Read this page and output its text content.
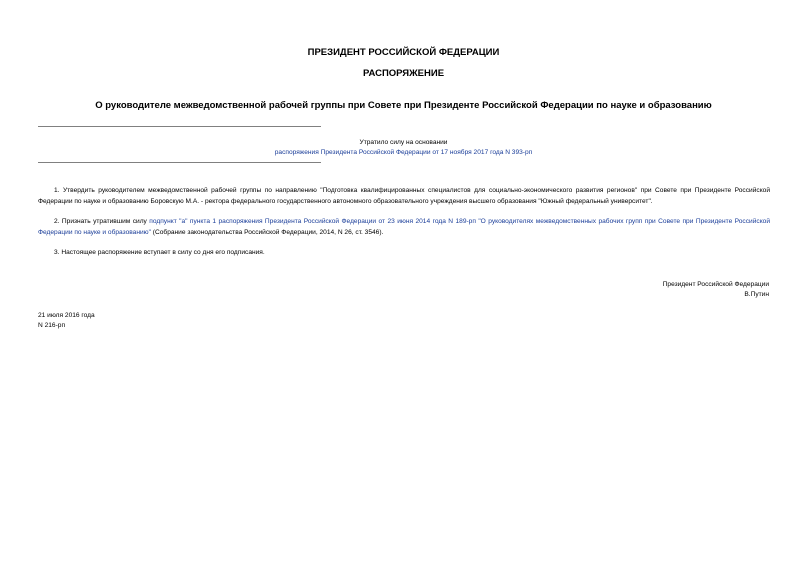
ПРЕЗИДЕНТ РОССИЙСКОЙ ФЕДЕРАЦИИ
РАСПОРЯЖЕНИЕ
О руководителе межведомственной рабочей группы при Совете при Президенте Российской Федерации по науке и образованию
Утратило силу на основании
распоряжения Президента Российской Федерации от 17 ноября 2017 года N 393-рп
1. Утвердить руководителем межведомственной рабочей группы по направлению "Подготовка квалифицированных специалистов для социально-экономического развития регионов" при Совете при Президенте Российской Федерации по науке и образованию Боровскую М.А. - ректора федерального государственного автономного образовательного учреждения высшего образования "Южный федеральный университет".
2. Признать утратившим силу подпункт "а" пункта 1 распоряжения Президента Российской Федерации от 23 июня 2014 года N 189-рп "О руководителях межведомственных рабочих групп при Совете при Президенте Российской Федерации по науке и образованию" (Собрание законодательства Российской Федерации, 2014, N 26, ст. 3546).
3. Настоящее распоряжение вступает в силу со дня его подписания.
Президент Российской Федерации
В.Путин
21 июля 2016 года
N 216-рп
